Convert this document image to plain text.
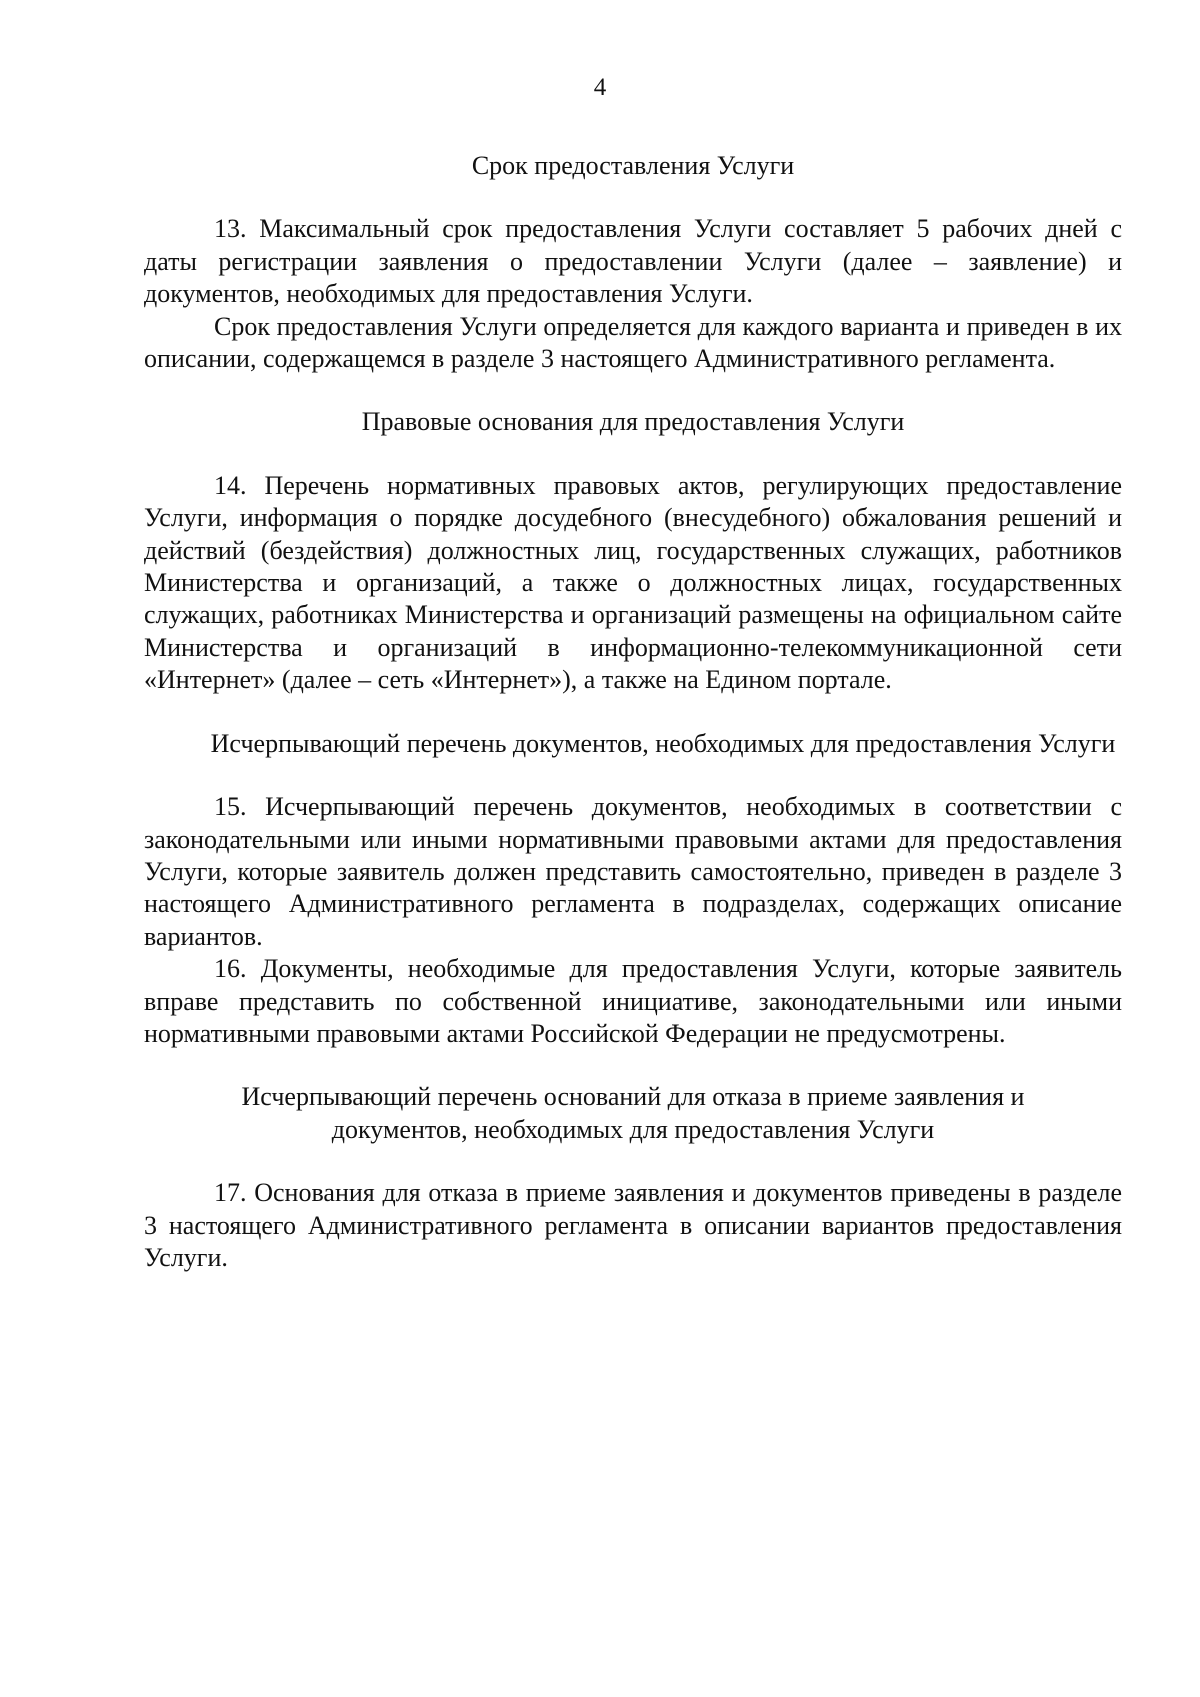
4
Срок предоставления Услуги

13. Максимальный срок предоставления Услуги составляет 5 рабочих дней с даты регистрации заявления о предоставлении Услуги (далее – заявление) и документов, необходимых для предоставления Услуги.

Срок предоставления Услуги определяется для каждого варианта и приведен в их описании, содержащемся в разделе 3 настоящего Административного регламента.

Правовые основания для предоставления Услуги

14. Перечень нормативных правовых актов, регулирующих предоставление Услуги, информация о порядке досудебного (внесудебного) обжалования решений и действий (бездействия) должностных лиц, государственных служащих, работников Министерства и организаций, а также о должностных лицах, государственных служащих, работниках Министерства и организаций размещены на официальном сайте Министерства и организаций в информационно-телекоммуникационной сети «Интернет» (далее – сеть «Интернет»), а также на Едином портале.

Исчерпывающий перечень документов, необходимых для предоставления Услуги

15. Исчерпывающий перечень документов, необходимых в соответствии с законодательными или иными нормативными правовыми актами для предоставления Услуги, которые заявитель должен представить самостоятельно, приведен в разделе 3 настоящего Административного регламента в подразделах, содержащих описание вариантов.

16. Документы, необходимые для предоставления Услуги, которые заявитель вправе представить по собственной инициативе, законодательными или иными нормативными правовыми актами Российской Федерации не предусмотрены.

Исчерпывающий перечень оснований для отказа в приеме заявления и документов, необходимых для предоставления Услуги

17. Основания для отказа в приеме заявления и документов приведены в разделе 3 настоящего Административного регламента в описании вариантов предоставления Услуги.
